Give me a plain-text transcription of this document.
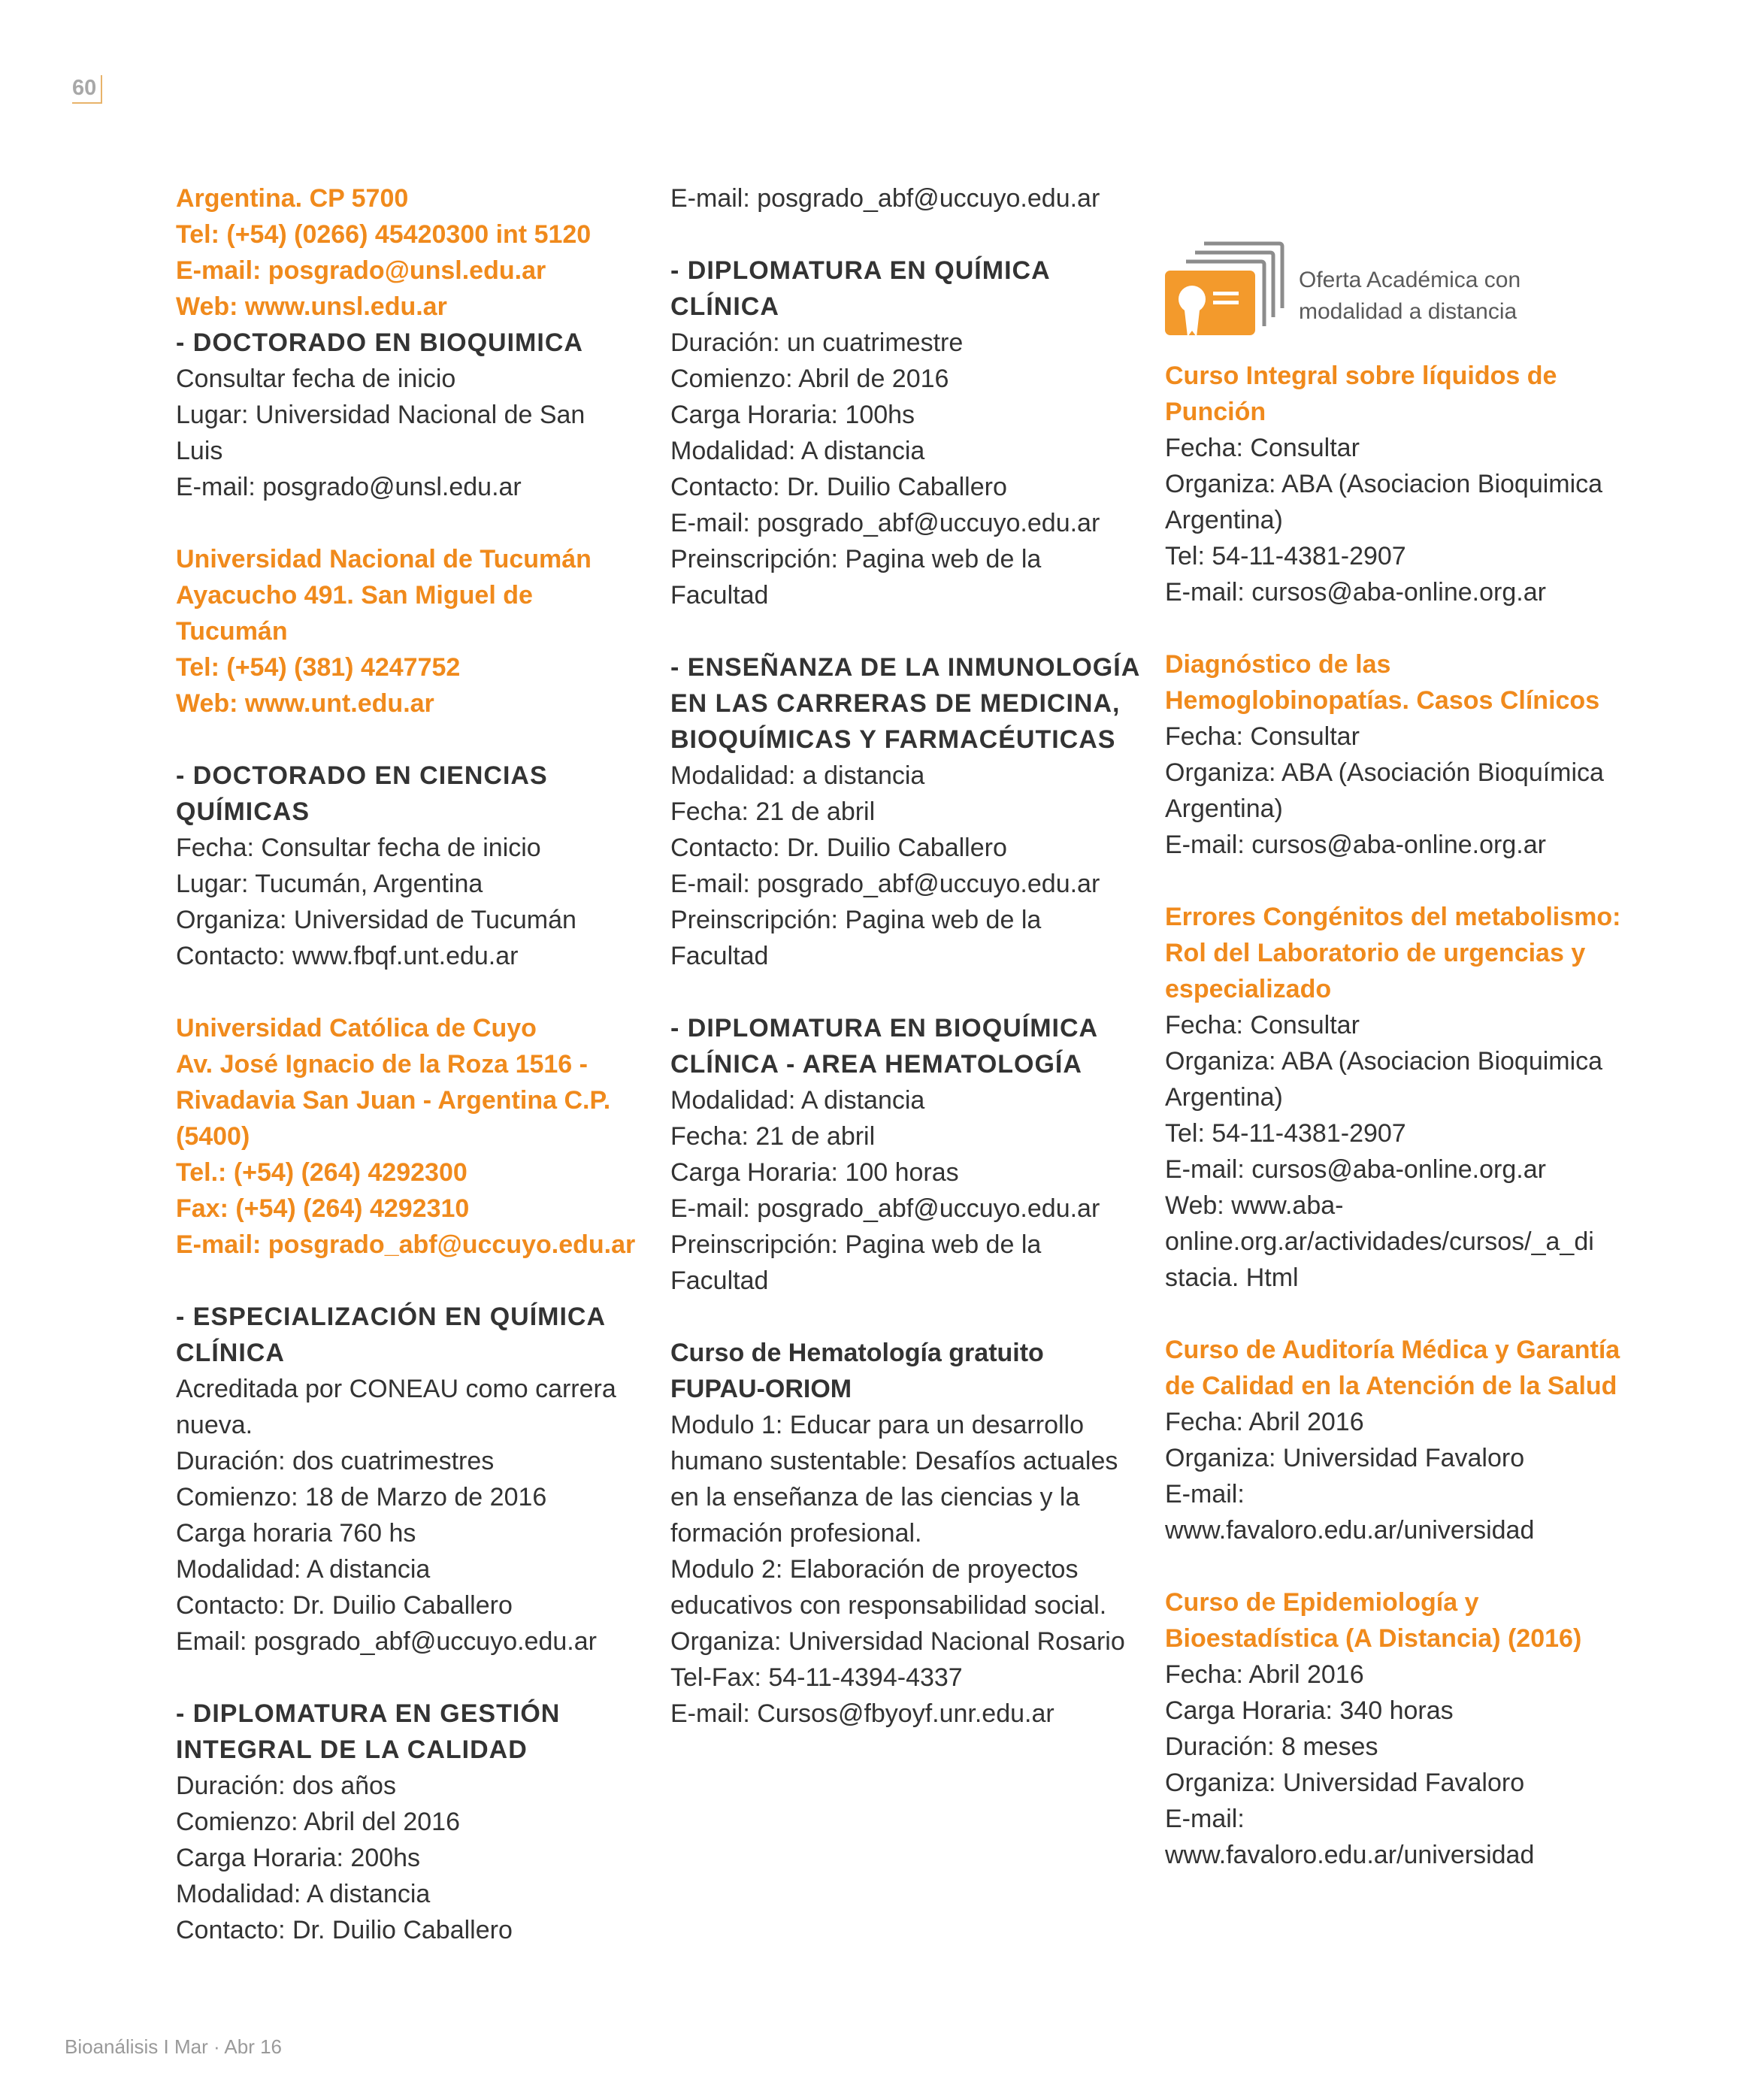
60
Argentina. CP 5700
Tel: (+54) (0266) 45420300 int 5120
E-mail: posgrado@unsl.edu.ar
Web: www.unsl.edu.ar
- DOCTORADO EN BIOQUIMICA
Consultar fecha de inicio
Lugar: Universidad Nacional de San
Luis
E-mail: posgrado@unsl.edu.ar
Universidad Nacional de Tucumán
Ayacucho 491. San Miguel de
Tucumán
Tel: (+54) (381) 4247752
Web: www.unt.edu.ar
- DOCTORADO EN CIENCIAS
QUÍMICAS
Fecha: Consultar fecha de inicio
Lugar: Tucumán, Argentina
Organiza: Universidad de Tucumán
Contacto: www.fbqf.unt.edu.ar
Universidad Católica de Cuyo
Av. José Ignacio de la Roza 1516 -
Rivadavia San Juan - Argentina C.P.
(5400)
Tel.: (+54) (264) 4292300
Fax: (+54) (264) 4292310
E-mail: posgrado_abf@uccuyo.edu.ar
- ESPECIALIZACIÓN EN QUÍMICA
CLÍNICA
Acreditada por CONEAU como carrera
nueva.
Duración: dos cuatrimestres
Comienzo: 18 de Marzo de 2016
Carga horaria 760 hs
Modalidad: A distancia
Contacto: Dr. Duilio Caballero
Email: posgrado_abf@uccuyo.edu.ar
- DIPLOMATURA EN GESTIÓN
INTEGRAL DE LA CALIDAD
Duración: dos años
Comienzo: Abril del 2016
Carga Horaria: 200hs
Modalidad: A distancia
Contacto: Dr. Duilio Caballero
E-mail: posgrado_abf@uccuyo.edu.ar
- DIPLOMATURA EN QUÍMICA
CLÍNICA
Duración: un cuatrimestre
Comienzo: Abril de 2016
Carga Horaria: 100hs
Modalidad: A distancia
Contacto: Dr. Duilio Caballero
E-mail: posgrado_abf@uccuyo.edu.ar
Preinscripción: Pagina web de la
Facultad
- ENSEÑANZA DE LA INMUNOLOGÍA
EN LAS CARRERAS DE MEDICINA,
BIOQUÍMICAS Y FARMACÉUTICAS
Modalidad: a distancia
Fecha: 21 de abril
Contacto: Dr. Duilio Caballero
E-mail: posgrado_abf@uccuyo.edu.ar
Preinscripción: Pagina web de la
Facultad
- DIPLOMATURA EN BIOQUÍMICA
CLÍNICA - AREA HEMATOLOGÍA
Modalidad: A distancia
Fecha: 21 de abril
Carga Horaria: 100 horas
E-mail: posgrado_abf@uccuyo.edu.ar
Preinscripción: Pagina web de la
Facultad
Curso de Hematología gratuito
FUPAU-ORIOM
Modulo 1: Educar para un desarrollo
humano sustentable: Desafíos actuales
en la enseñanza de las ciencias y la
formación profesional.
Modulo 2: Elaboración de proyectos
educativos con responsabilidad social.
Organiza: Universidad Nacional Rosario
Tel-Fax: 54-11-4394-4337
E-mail: Cursos@fbyoyf.unr.edu.ar
Oferta Académica con
modalidad a distancia
Curso Integral sobre líquidos de
Punción
Fecha: Consultar
Organiza: ABA (Asociacion Bioquimica
Argentina)
Tel: 54-11-4381-2907
E-mail: cursos@aba-online.org.ar
Diagnóstico de las
Hemoglobinopatías. Casos Clínicos
Fecha: Consultar
Organiza: ABA (Asociación Bioquímica
Argentina)
E-mail: cursos@aba-online.org.ar
Errores Congénitos del metabolismo:
Rol del Laboratorio de urgencias y
especializado
Fecha: Consultar
Organiza: ABA (Asociacion Bioquimica
Argentina)
Tel: 54-11-4381-2907
E-mail: cursos@aba-online.org.ar
Web: www.aba-
online.org.ar/actividades/cursos/_a_di
stacia. Html
Curso de Auditoría Médica y Garantía
de Calidad en la Atención de la Salud
Fecha: Abril 2016
Organiza: Universidad Favaloro
E-mail:
www.favaloro.edu.ar/universidad
Curso de Epidemiología y
Bioestadística (A Distancia) (2016)
Fecha: Abril 2016
Carga Horaria: 340 horas
Duración: 8 meses
Organiza: Universidad Favaloro
E-mail:
www.favaloro.edu.ar/universidad
Bioanálisis I Mar · Abr 16
